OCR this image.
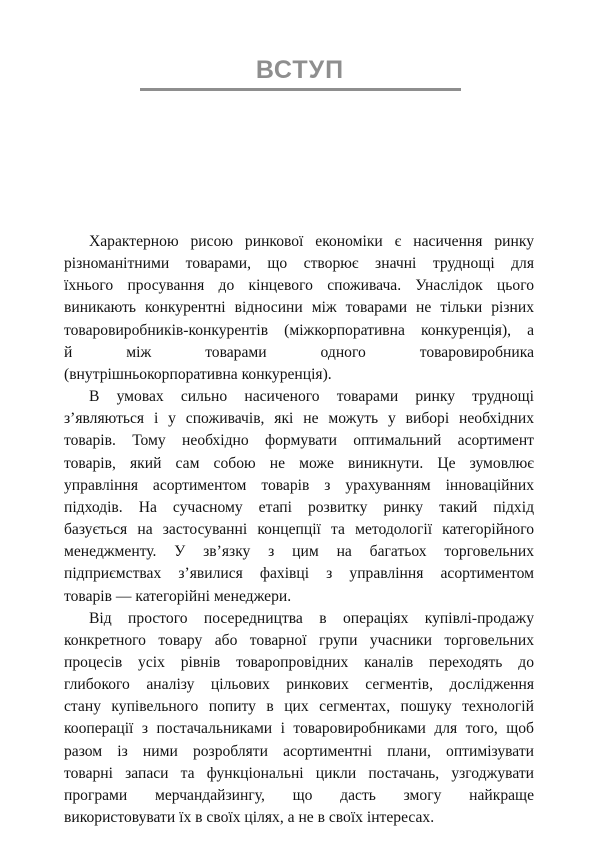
ВСТУП

Характерною рисою ринкової економіки є насичення ринку
різноманітними товарами, що створює значні труднощі для
їхнього просування до кінцевого споживача. Унаслідок цього
виникають конкурентні відносини між товарами не тільки різних
товаровиробників-конкурентів (міжкорпоративна конкуренція), а
й між товарами одного товаровиробника
(внутрішньокорпоративна конкуренція).

В умовах сильно насиченого товарами ринку труднощі
з’являються і у споживачів, які не можуть у виборі необхідних
товарів. Тому необхідно формувати оптимальний асортимент
товарів, який сам собою не може виникнути. Це зумовлює
управління асортиментом товарів з урахуванням інноваційних
підходів. На сучасному етапі розвитку ринку такий підхід
базується на застосуванні концепції та методології категорійного
менеджменту. У зв’язку з цим на багатьох торговельних
підприємствах з’явилися фахівці з управління асортиментом
товарів — категорійні менеджери.

Від простого посередництва в операціях купівлі-продажу
конкретного товару або товарної групи учасники торговельних
процесів усіх рівнів товаропровідних каналів переходять до
глибокого аналізу цільових ринкових сегментів, дослідження
стану купівельного попиту в цих сегментах, пошуку технологій
кооперації з постачальниками і товаровиробниками для того, щоб
разом із ними розробляти асортиментні плани, оптимізувати
товарні запаси та функціональні цикли постачань, узгоджувати
програми мерчандайзингу, що дасть змогу найкраще
використовувати їх в своїх цілях, а не в своїх інтересах.
